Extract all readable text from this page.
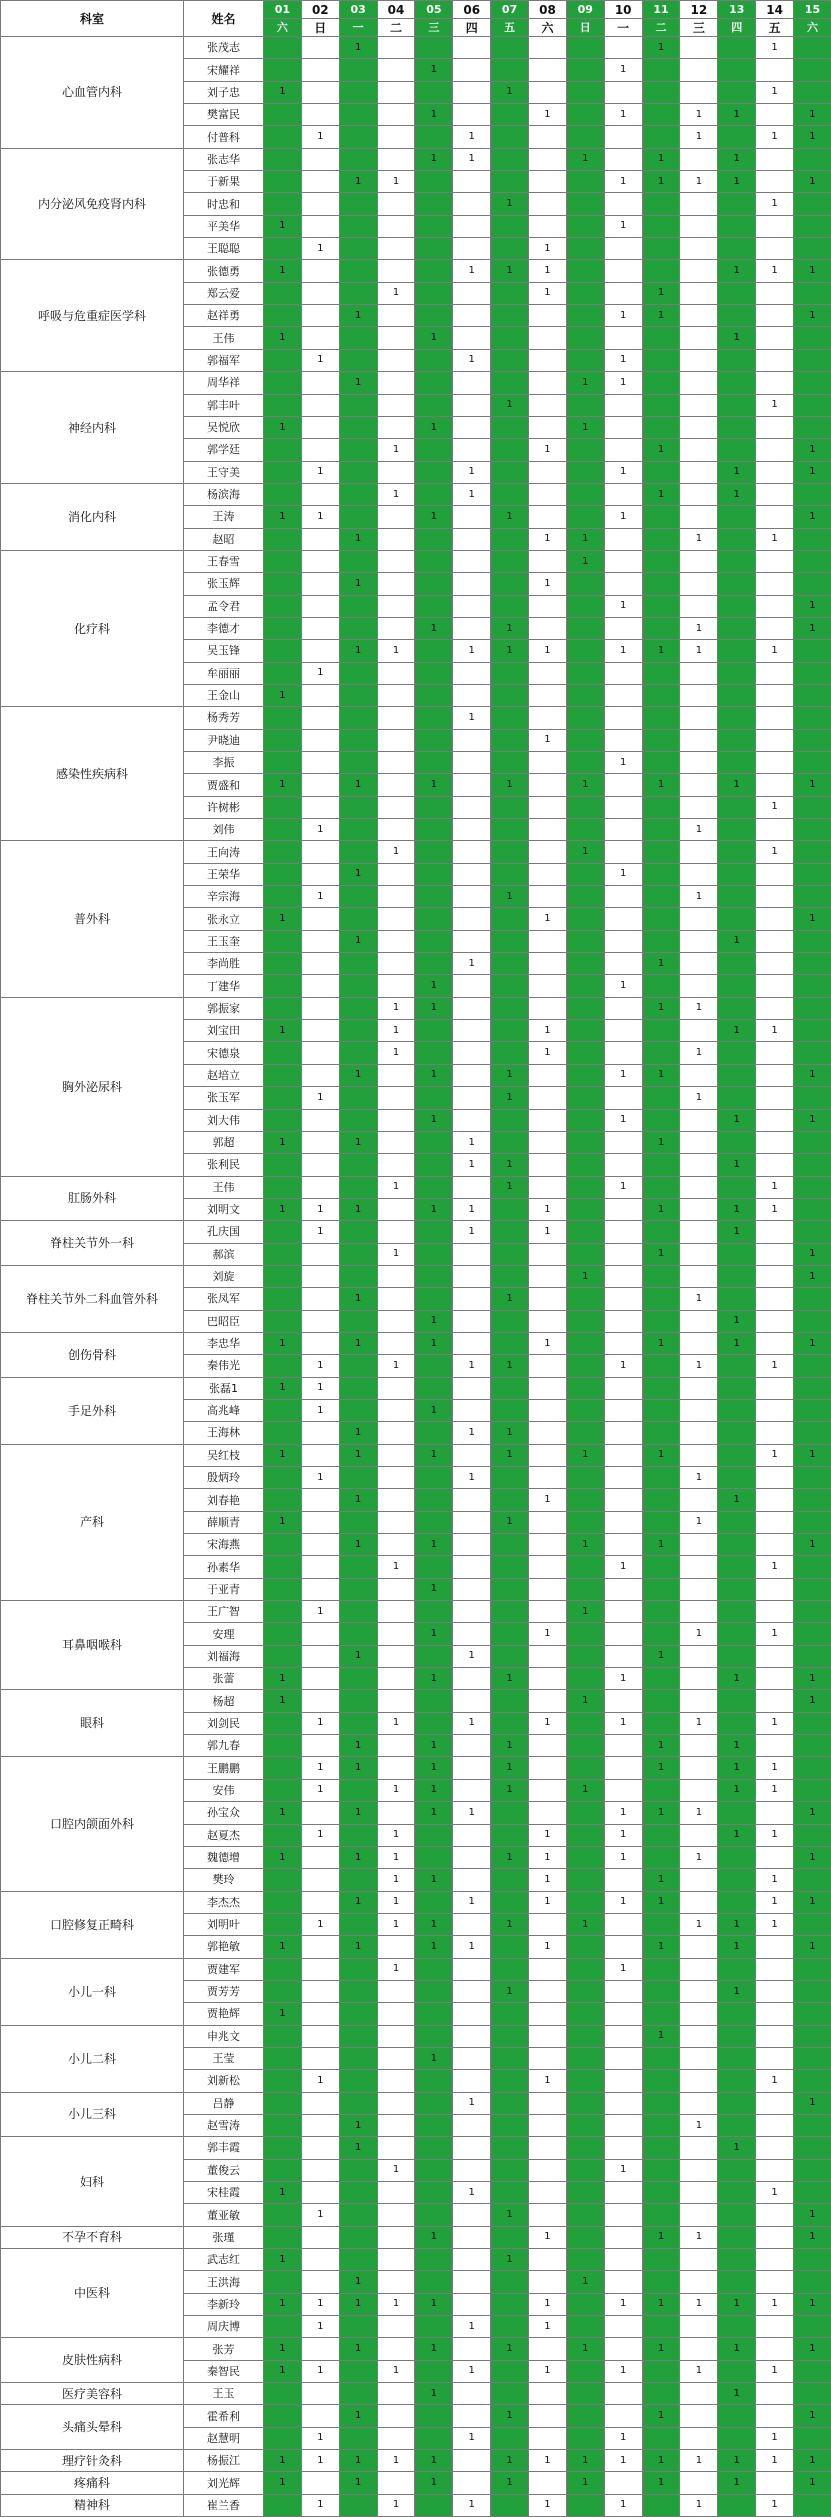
科室	姓名	01	02	03	04	05	06	07	08	09	10	11	12	13	14	15
		六	日	一	二	三	四	五	六	日	一	二	三	四	五	六
心血管内科	张茂志			1								1			1	
	宋耀祥					1					1					
	刘子忠	1						1							1	
	樊富民					1			1		1		1	1		1
	付普科		1				1						1		1	1
内分泌风免疫肾内科	张志华					1	1			1		1		1		
	于新果			1	1						1	1	1	1		1
	时忠和							1							1	
	平美华	1									1					
	王聪聪		1						1							
呼吸与危重症医学科	张德勇	1					1	1	1					1	1	1
	郑云爱				1				1			1				
	赵祥勇			1							1	1				1
	王伟	1				1								1		
	郭福军		1				1				1					
神经内科	周华祥			1						1	1					
	郭丰叶							1							1	
	吴悦欣	1				1				1						
	郭学廷				1				1			1				1
	王守美		1				1				1			1		1
消化内科	杨滨海				1		1					1		1		
	王涛	1	1			1		1			1					1
	赵昭			1					1	1			1		1	
化疗科	王春雪									1						
	张玉辉			1					1							
	孟令君										1					1
	李德才					1		1					1			1
	吴玉锋			1	1		1	1	1		1	1	1		1	
	牟丽丽		1													
	王金山	1														
感染性疾病科	杨秀芳						1									
	尹晓迪								1							
	李振										1					
	贾盛和	1		1		1		1		1		1		1		1
	许树彬														1	
	刘伟		1										1			
普外科	王向涛				1					1					1	
	王荣华			1							1					
	辛宗海		1					1					1			
	张永立	1							1							1
	王玉奎			1										1		
	李尚胜						1					1				
	丁建华					1					1					
胸外泌尿科	郭振家				1	1						1	1			
	刘宝田	1			1				1					1	1	
	宋德泉				1				1				1			
	赵培立			1		1		1			1	1				1
	张玉军		1					1					1			
	刘大伟					1					1			1		1
	郭超	1		1			1					1				
	张利民						1	1						1		
肛肠外科	王伟				1			1			1				1	
	刘明文	1	1	1		1	1		1			1		1	1	
脊柱关节外一科	孔庆国		1				1		1					1		
	郝滨				1							1				1
脊柱关节外二科血管外科	刘旋									1						1
	张凤军			1				1					1			
	巴昭臣					1								1		
创伤骨科	李忠华	1		1		1			1			1		1		1
	秦伟光		1		1		1	1			1		1		1	
手足外科	张磊1	1	1													
	高兆峰		1			1										
	王海林			1			1	1								
产科	吴红枝	1		1		1		1		1		1			1	1
	殷炳玲		1				1						1			
	刘春艳			1					1					1		
	薛顺青	1						1					1			
	宋海燕			1		1				1		1				1
	孙素华				1						1				1	
	于亚青					1										
耳鼻咽喉科	王广智		1							1						
	安理					1			1				1		1	
	刘福海			1			1					1				
	张蕾	1				1		1			1			1		1
眼科	杨超	1								1						1
	刘剑民		1		1		1		1		1		1		1	
	郭九春			1		1		1				1		1		
口腔内颌面外科	王鹏鹏		1	1		1		1				1		1	1	
	安伟		1		1	1		1		1				1	1	
	孙宝众	1		1		1	1				1	1	1			1
	赵夏杰		1		1				1		1			1	1	
	魏德增	1		1	1			1	1		1		1			1
	樊玲				1	1			1			1			1	
口腔修复正畸科	李杰杰			1	1		1		1		1	1			1	1
	刘明叶		1		1	1		1		1			1	1	1	
	郭艳敏	1		1		1	1		1			1		1		1
小儿一科	贾建军				1						1					
	贾芳芳							1						1		
	贾艳辉	1														
小儿二科	申兆文											1				
	王莹					1										
	刘新松		1						1						1	
小儿三科	吕静						1									1
	赵雪涛			1									1			
妇科	郭丰霞			1										1		
	董俊云				1						1					
	宋桂霞	1					1								1	
	董亚敏		1					1								1
不孕不育科	张瑾					1			1			1	1			1
中医科	武志红	1						1								
	王洪海			1						1						
	李新玲	1	1	1	1	1			1		1	1	1	1	1	1
	周庆博		1				1		1							
皮肤性病科	张芳	1		1		1		1		1		1		1		1
	秦智民	1	1		1		1		1		1		1		1	
医疗美容科	王玉					1								1		
头痛头晕科	霍希利			1				1				1				1
	赵慧明		1				1				1				1	
理疗针灸科	杨振江	1	1	1	1	1		1	1	1	1	1	1	1	1	1
疼痛科	刘光辉	1		1		1		1		1		1		1		1
精神科	崔兰香		1		1		1		1		1		1		1	
